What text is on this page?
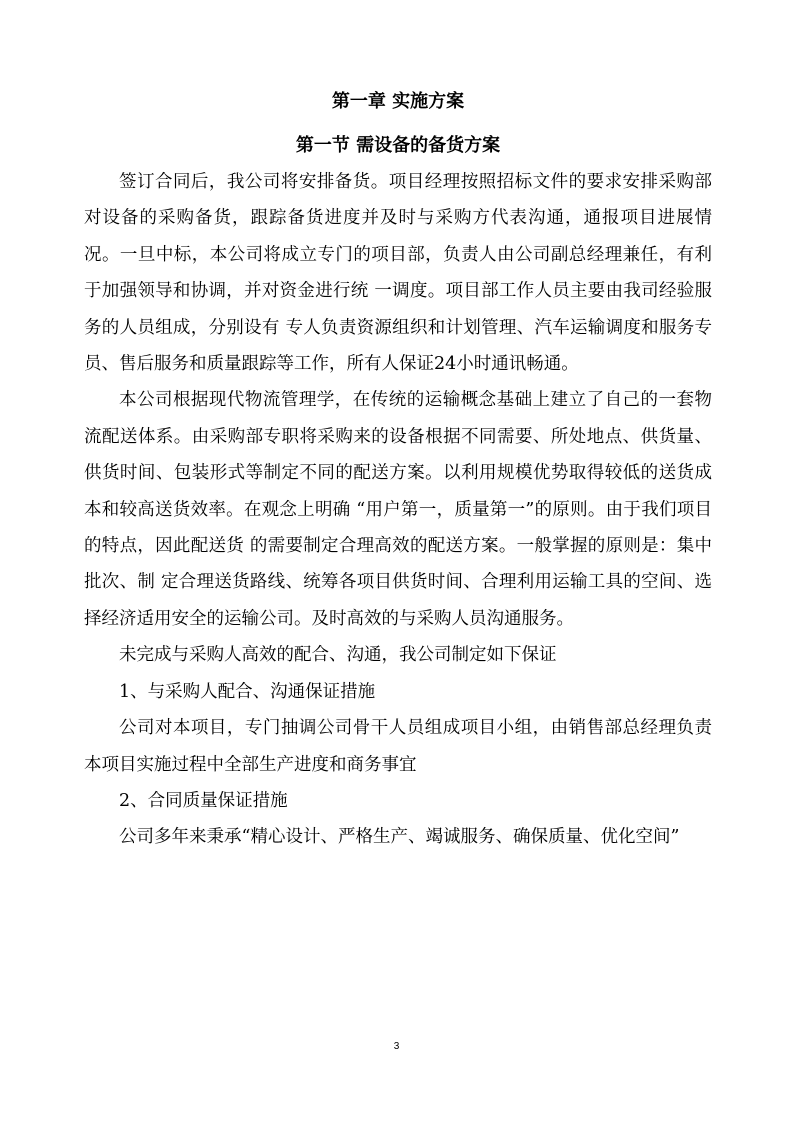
第一章 实施方案
第一节 需设备的备货方案

签订合同后，我公司将安排备货。项目经理按照招标文件的要求安排采购部对设备的采购备货，跟踪备货进度并及时与采购方代表沟通，通报项目进展情况。一旦中标，本公司将成立专门的项目部，负责人由公司副总经理兼任，有利于加强领导和协调，并对资金进行统 一调度。项目部工作人员主要由我司经验服务的人员组成，分别设有 专人负责资源组织和计划管理、汽车运输调度和服务专员、售后服务和质量跟踪等工作，所有人保证24小时通讯畅通。

本公司根据现代物流管理学，在传统的运输概念基础上建立了自己的一套物流配送体系。由采购部专职将采购来的设备根据不同需要、所处地点、供货量、供货时间、包装形式等制定不同的配送方案。以利用规模优势取得较低的送货成本和较高送货效率。在观念上明确 “用户第一，质量第一”的原则。由于我们项目的特点，因此配送货 的需要制定合理高效的配送方案。一般掌握的原则是：集中批次、制 定合理送货路线、统筹各项目供货时间、合理利用运输工具的空间、选择经济适用安全的运输公司。及时高效的与采购人员沟通服务。

未完成与采购人高效的配合、沟通，我公司制定如下保证

1、与采购人配合、沟通保证措施

公司对本项目，专门抽调公司骨干人员组成项目小组，由销售部总经理负责本项目实施过程中全部生产进度和商务事宜

2、合同质量保证措施

公司多年来秉承“精心设计、严格生产、竭诚服务、确保质量、优化空间”

3
